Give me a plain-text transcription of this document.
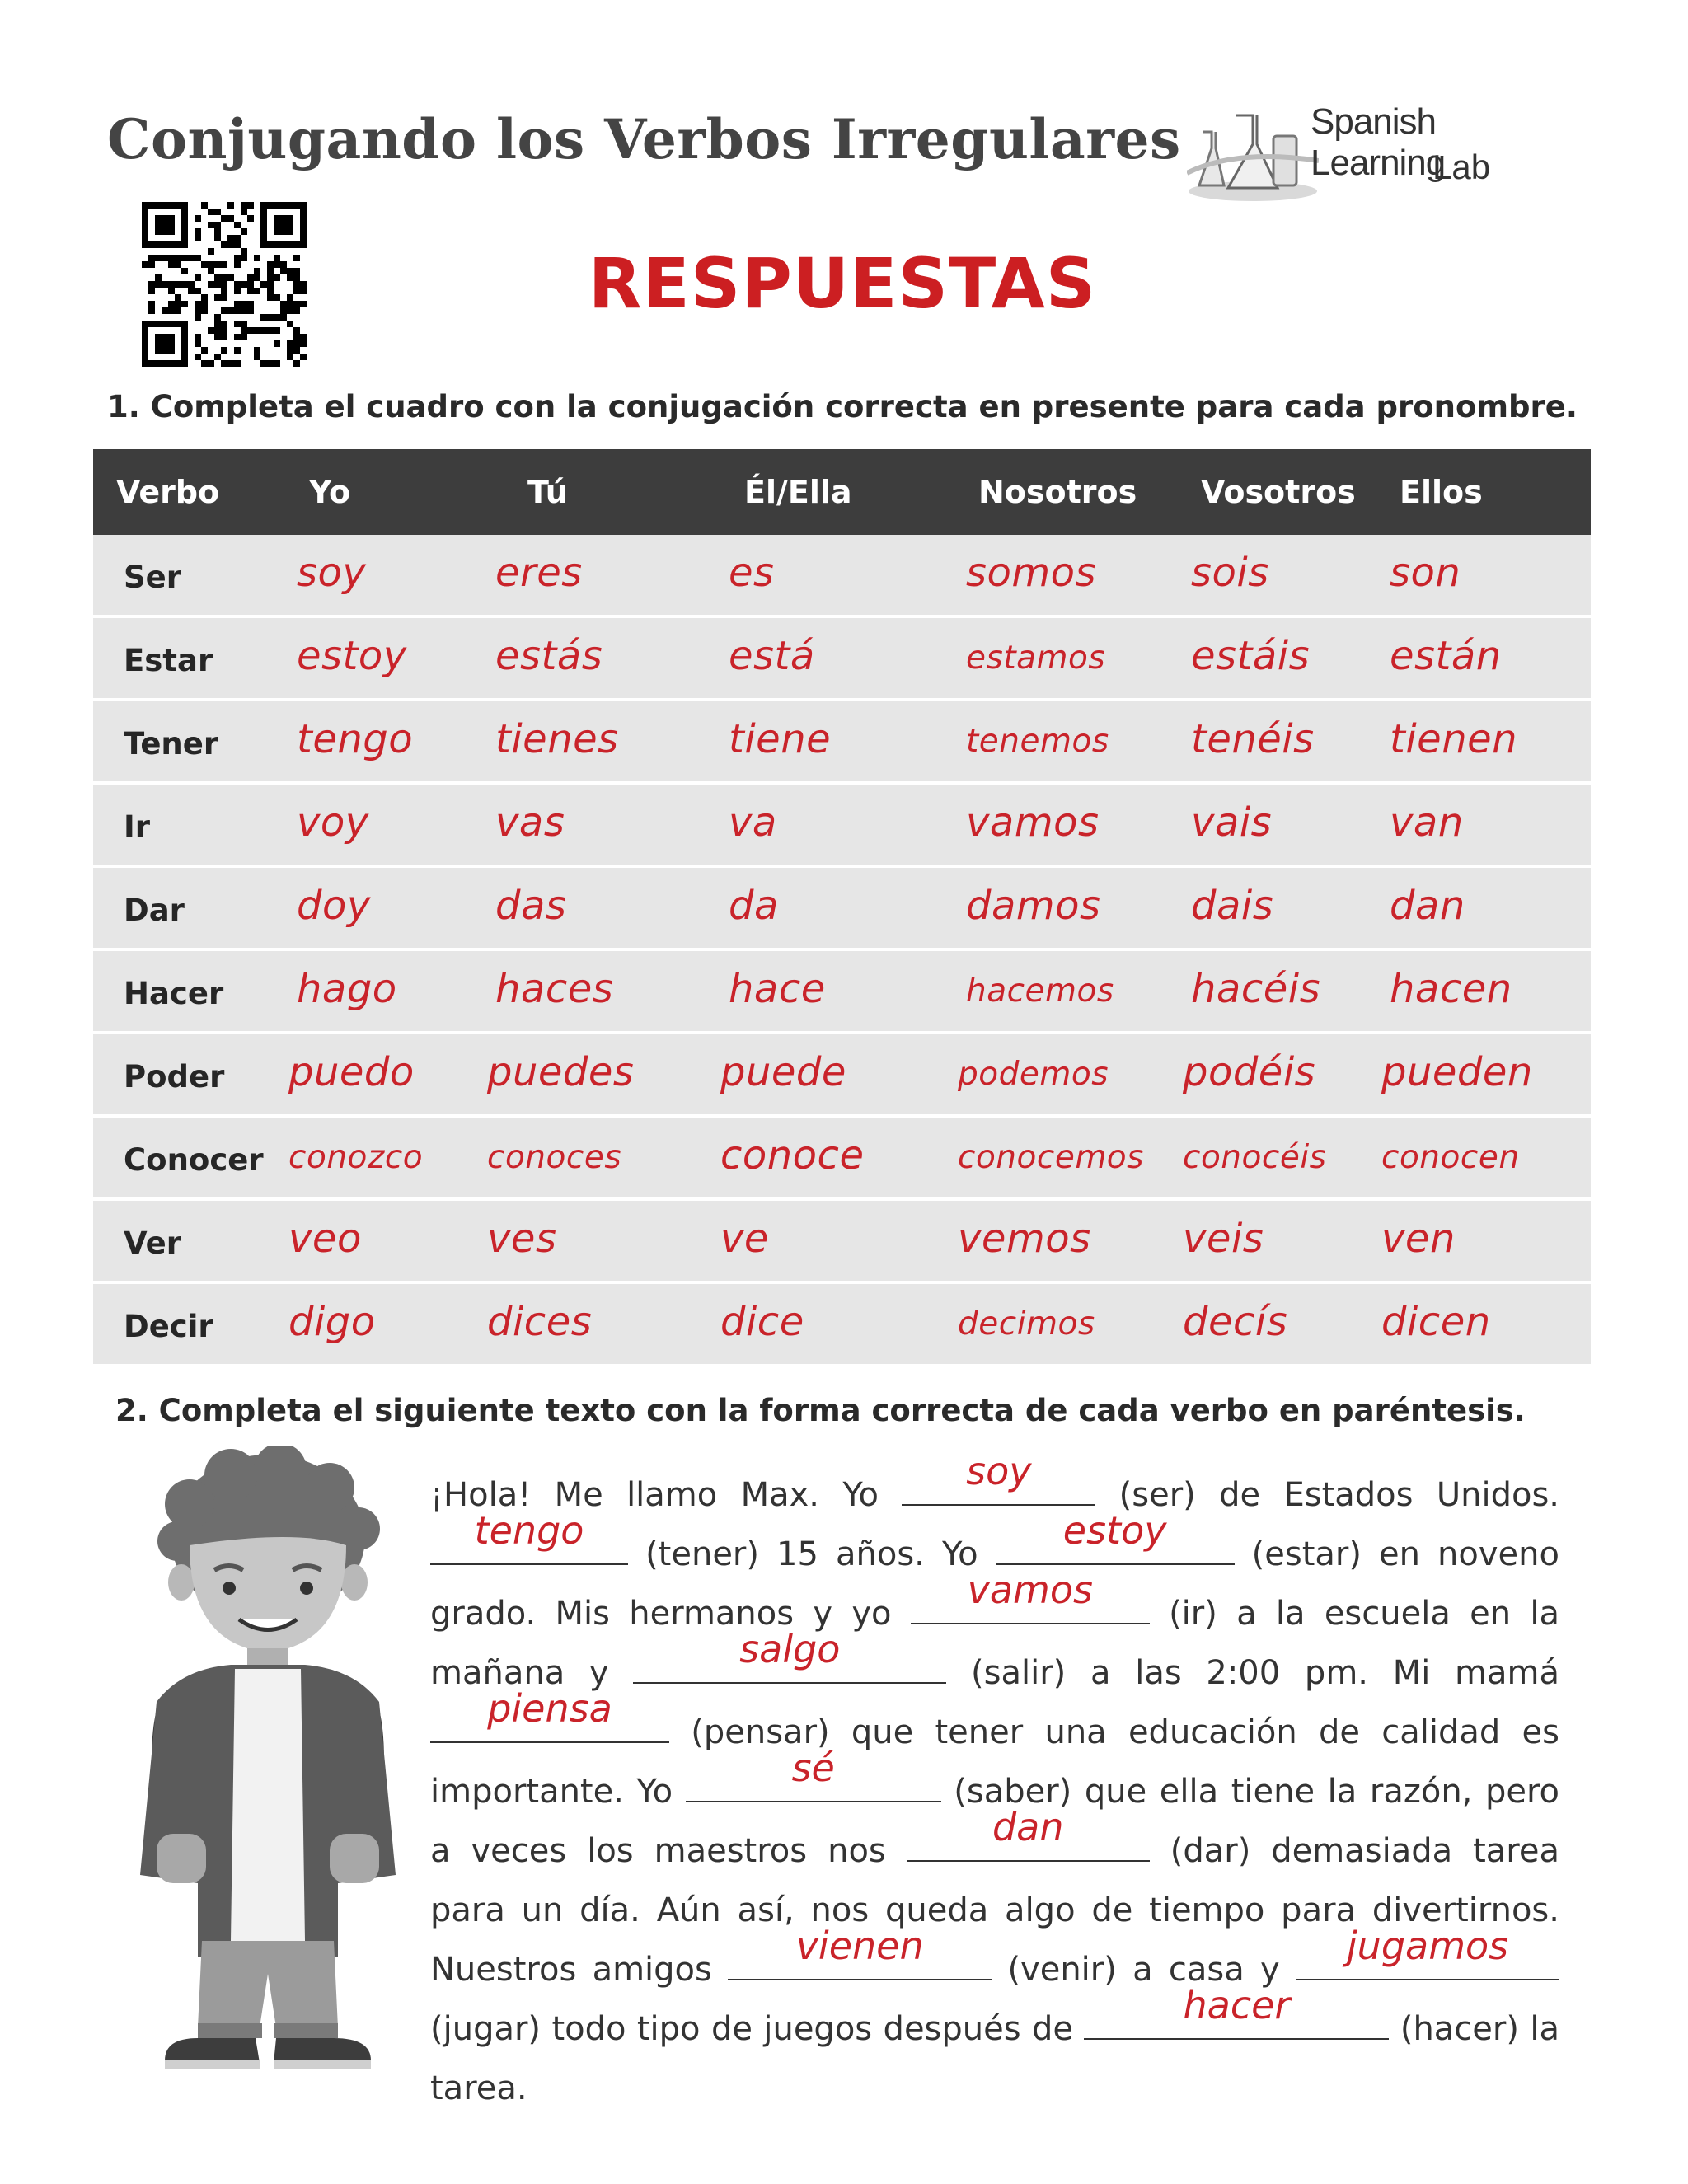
Conjugando los Verbos Irregulares	Spanish Learning
Lab
RESPUESTAS
1. Completa el cuadro con la conjugación correcta en presente para cada pronombre.
Verbo	Yo	Tú	Él/Ella	Nosotros Vosotros Ellos
Ser	soy	eres	es	somos sois	son
Estar estoy estás	está	estamos estáis están
Tener tengo tienes	tiene	tenemos tenéis tienen
Ir	voy	vas	va	vamos vais	van
Dar	doy	das	da	damos dais	dan
Hacer hago haces	hace	hacemos hacéis hacen
Poder puedo puedes puede	podemos podéis pueden
Conocer conozco conoces conoce	conocemos conocéis conocen
Ver	veo	ves	ve	vemos veis	ven
Decir digo	dices	dice	decimos decís dicen
2. Completa el siguiente texto con la forma correcta de cada verbo en paréntesis.
¡Hola! Me llamo Max. Yo
soy
(ser) de Estados Unidos.
tengo
(tener) 15 años. Yo
estoy
(estar) en noveno grado. Mis hermanos y yo
vamos
(ir) a la escuela en la mañana y
salgo
(salir) a las 2:00 pm. Mi mamá
piensa
(pensar) que tener una educación de calidad es importante. Yo
sé
(saber) que ella tiene la razón, pero a veces los maestros nos
dan
(dar) demasiada tarea para un día. Aún así, nos queda algo de tiempo para divertirnos. Nuestros amigos
vienen
(venir) a casa y
jugamos
(jugar) todo tipo de juegos después de
hacer
(hacer) la tarea.
